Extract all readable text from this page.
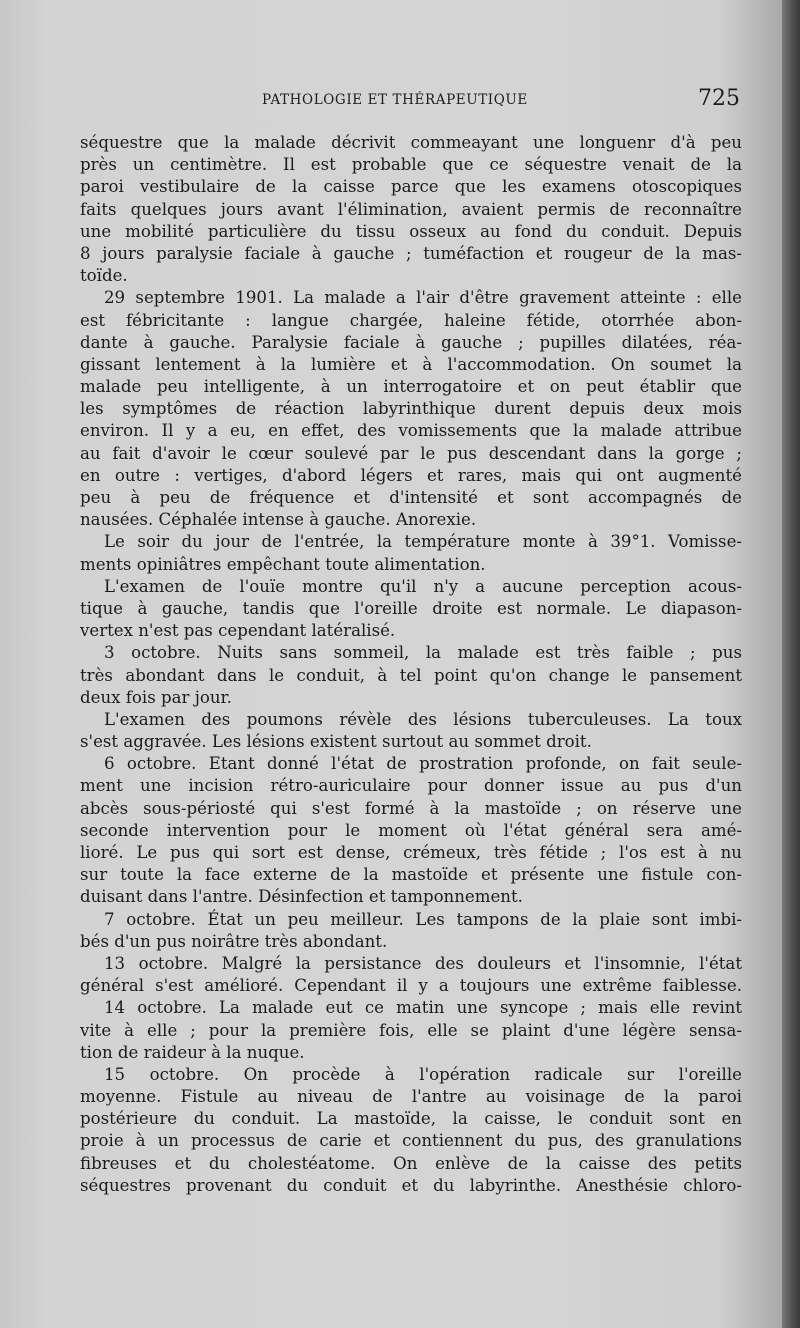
PATHOLOGIE ET THÉRAPEUTIQUE	725
séquestre que la malade décrivit commeayant une longuenr d'à peu
près un centimètre. Il est probable que ce séquestre venait de la
paroi vestibulaire de la caisse parce que les examens otoscopiques
faits quelques jours avant l'élimination, avaient permis de reconnaître
une mobilité particulière du tissu osseux au fond du conduit. Depuis
8 jours paralysie faciale à gauche ; tuméfaction et rougeur de la mas-
toïde.
29 septembre 1901. La malade a l'air d'être gravement atteinte : elle
est fébricitante : langue chargée, haleine fétide, otorrhée abon-
dante à gauche. Paralysie faciale à gauche ; pupilles dilatées, réa-
gissant lentement à la lumière et à l'accommodation. On soumet la
malade peu intelligente, à un interrogatoire et on peut établir que
les symptômes de réaction labyrinthique durent depuis deux mois
environ. Il y a eu, en effet, des vomissements que la malade attribue
au fait d'avoir le cœur soulevé par le pus descendant dans la gorge ;
en outre : vertiges, d'abord légers et rares, mais qui ont augmenté
peu à peu de fréquence et d'intensité et sont accompagnés de
nausées. Céphalée intense à gauche. Anorexie.
Le soir du jour de l'entrée, la température monte à 39°1. Vomisse-
ments opiniâtres empêchant toute alimentation.
L'examen de l'ouïe montre qu'il n'y a aucune perception acous-
tique à gauche, tandis que l'oreille droite est normale. Le diapason-
vertex n'est pas cependant latéralisé.
3 octobre. Nuits sans sommeil, la malade est très faible ; pus
très abondant dans le conduit, à tel point qu'on change le pansement
deux fois par jour.
L'examen des poumons révèle des lésions tuberculeuses. La toux
s'est aggravée. Les lésions existent surtout au sommet droit.
6 octobre. Etant donné l'état de prostration profonde, on fait seule-
ment une incision rétro-auriculaire pour donner issue au pus d'un
abcès sous-périosté qui s'est formé à la mastoïde ; on réserve une
seconde intervention pour le moment où l'état général sera amé-
lioré. Le pus qui sort est dense, crémeux, très fétide ; l'os est à nu
sur toute la face externe de la mastoïde et présente une fistule con-
duisant dans l'antre. Désinfection et tamponnement.
7 octobre. État un peu meilleur. Les tampons de la plaie sont imbi-
bés d'un pus noirâtre très abondant.
13 octobre. Malgré la persistance des douleurs et l'insomnie, l'état
général s'est amélioré. Cependant il y a toujours une extrême faiblesse.
14 octobre. La malade eut ce matin une syncope ; mais elle revint
vite à elle ; pour la première fois, elle se plaint d'une légère sensa-
tion de raideur à la nuque.
15 octobre. On procède à l'opération radicale sur l'oreille
moyenne. Fistule au niveau de l'antre au voisinage de la paroi
postérieure du conduit. La mastoïde, la caisse, le conduit sont en
proie à un processus de carie et contiennent du pus, des granulations
fibreuses et du cholestéatome. On enlève de la caisse des petits
séquestres provenant du conduit et du labyrinthe. Anesthésie chloro-
